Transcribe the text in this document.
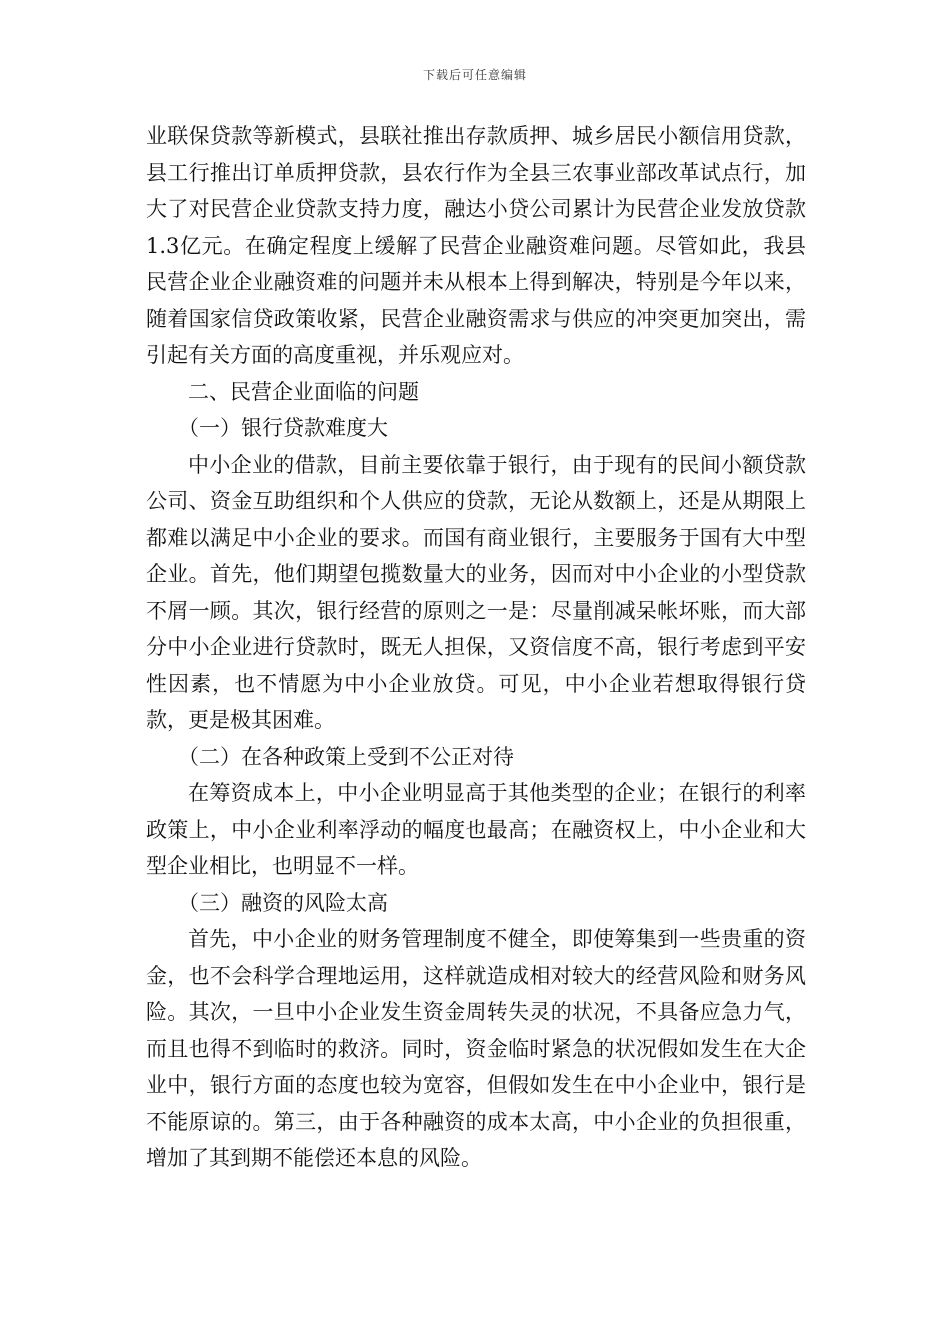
下载后可任意编辑

业联保贷款等新模式，县联社推出存款质押、城乡居民小额信用贷款，县工行推出订单质押贷款，县农行作为全县三农事业部改革试点行，加大了对民营企业贷款支持力度，融达小贷公司累计为民营企业发放贷款1.3亿元。在确定程度上缓解了民营企业融资难问题。尽管如此，我县民营企业企业融资难的问题并未从根本上得到解决，特别是今年以来，随着国家信贷政策收紧，民营企业融资需求与供应的冲突更加突出，需引起有关方面的高度重视，并乐观应对。

二、民营企业面临的问题

（一）银行贷款难度大

中小企业的借款，目前主要依靠于银行，由于现有的民间小额贷款公司、资金互助组织和个人供应的贷款，无论从数额上，还是从期限上都难以满足中小企业的要求。而国有商业银行，主要服务于国有大中型企业。首先，他们期望包揽数量大的业务，因而对中小企业的小型贷款不屑一顾。其次，银行经营的原则之一是：尽量削减呆帐坏账，而大部分中小企业进行贷款时，既无人担保，又资信度不高，银行考虑到平安性因素，也不情愿为中小企业放贷。可见，中小企业若想取得银行贷款，更是极其困难。

（二）在各种政策上受到不公正对待

在筹资成本上，中小企业明显高于其他类型的企业；在银行的利率政策上，中小企业利率浮动的幅度也最高；在融资权上，中小企业和大型企业相比，也明显不一样。

（三）融资的风险太高

首先，中小企业的财务管理制度不健全，即使筹集到一些贵重的资金，也不会科学合理地运用，这样就造成相对较大的经营风险和财务风险。其次，一旦中小企业发生资金周转失灵的状况，不具备应急力气，而且也得不到临时的救济。同时，资金临时紧急的状况假如发生在大企业中，银行方面的态度也较为宽容，但假如发生在中小企业中，银行是不能原谅的。第三，由于各种融资的成本太高，中小企业的负担很重，增加了其到期不能偿还本息的风险。
